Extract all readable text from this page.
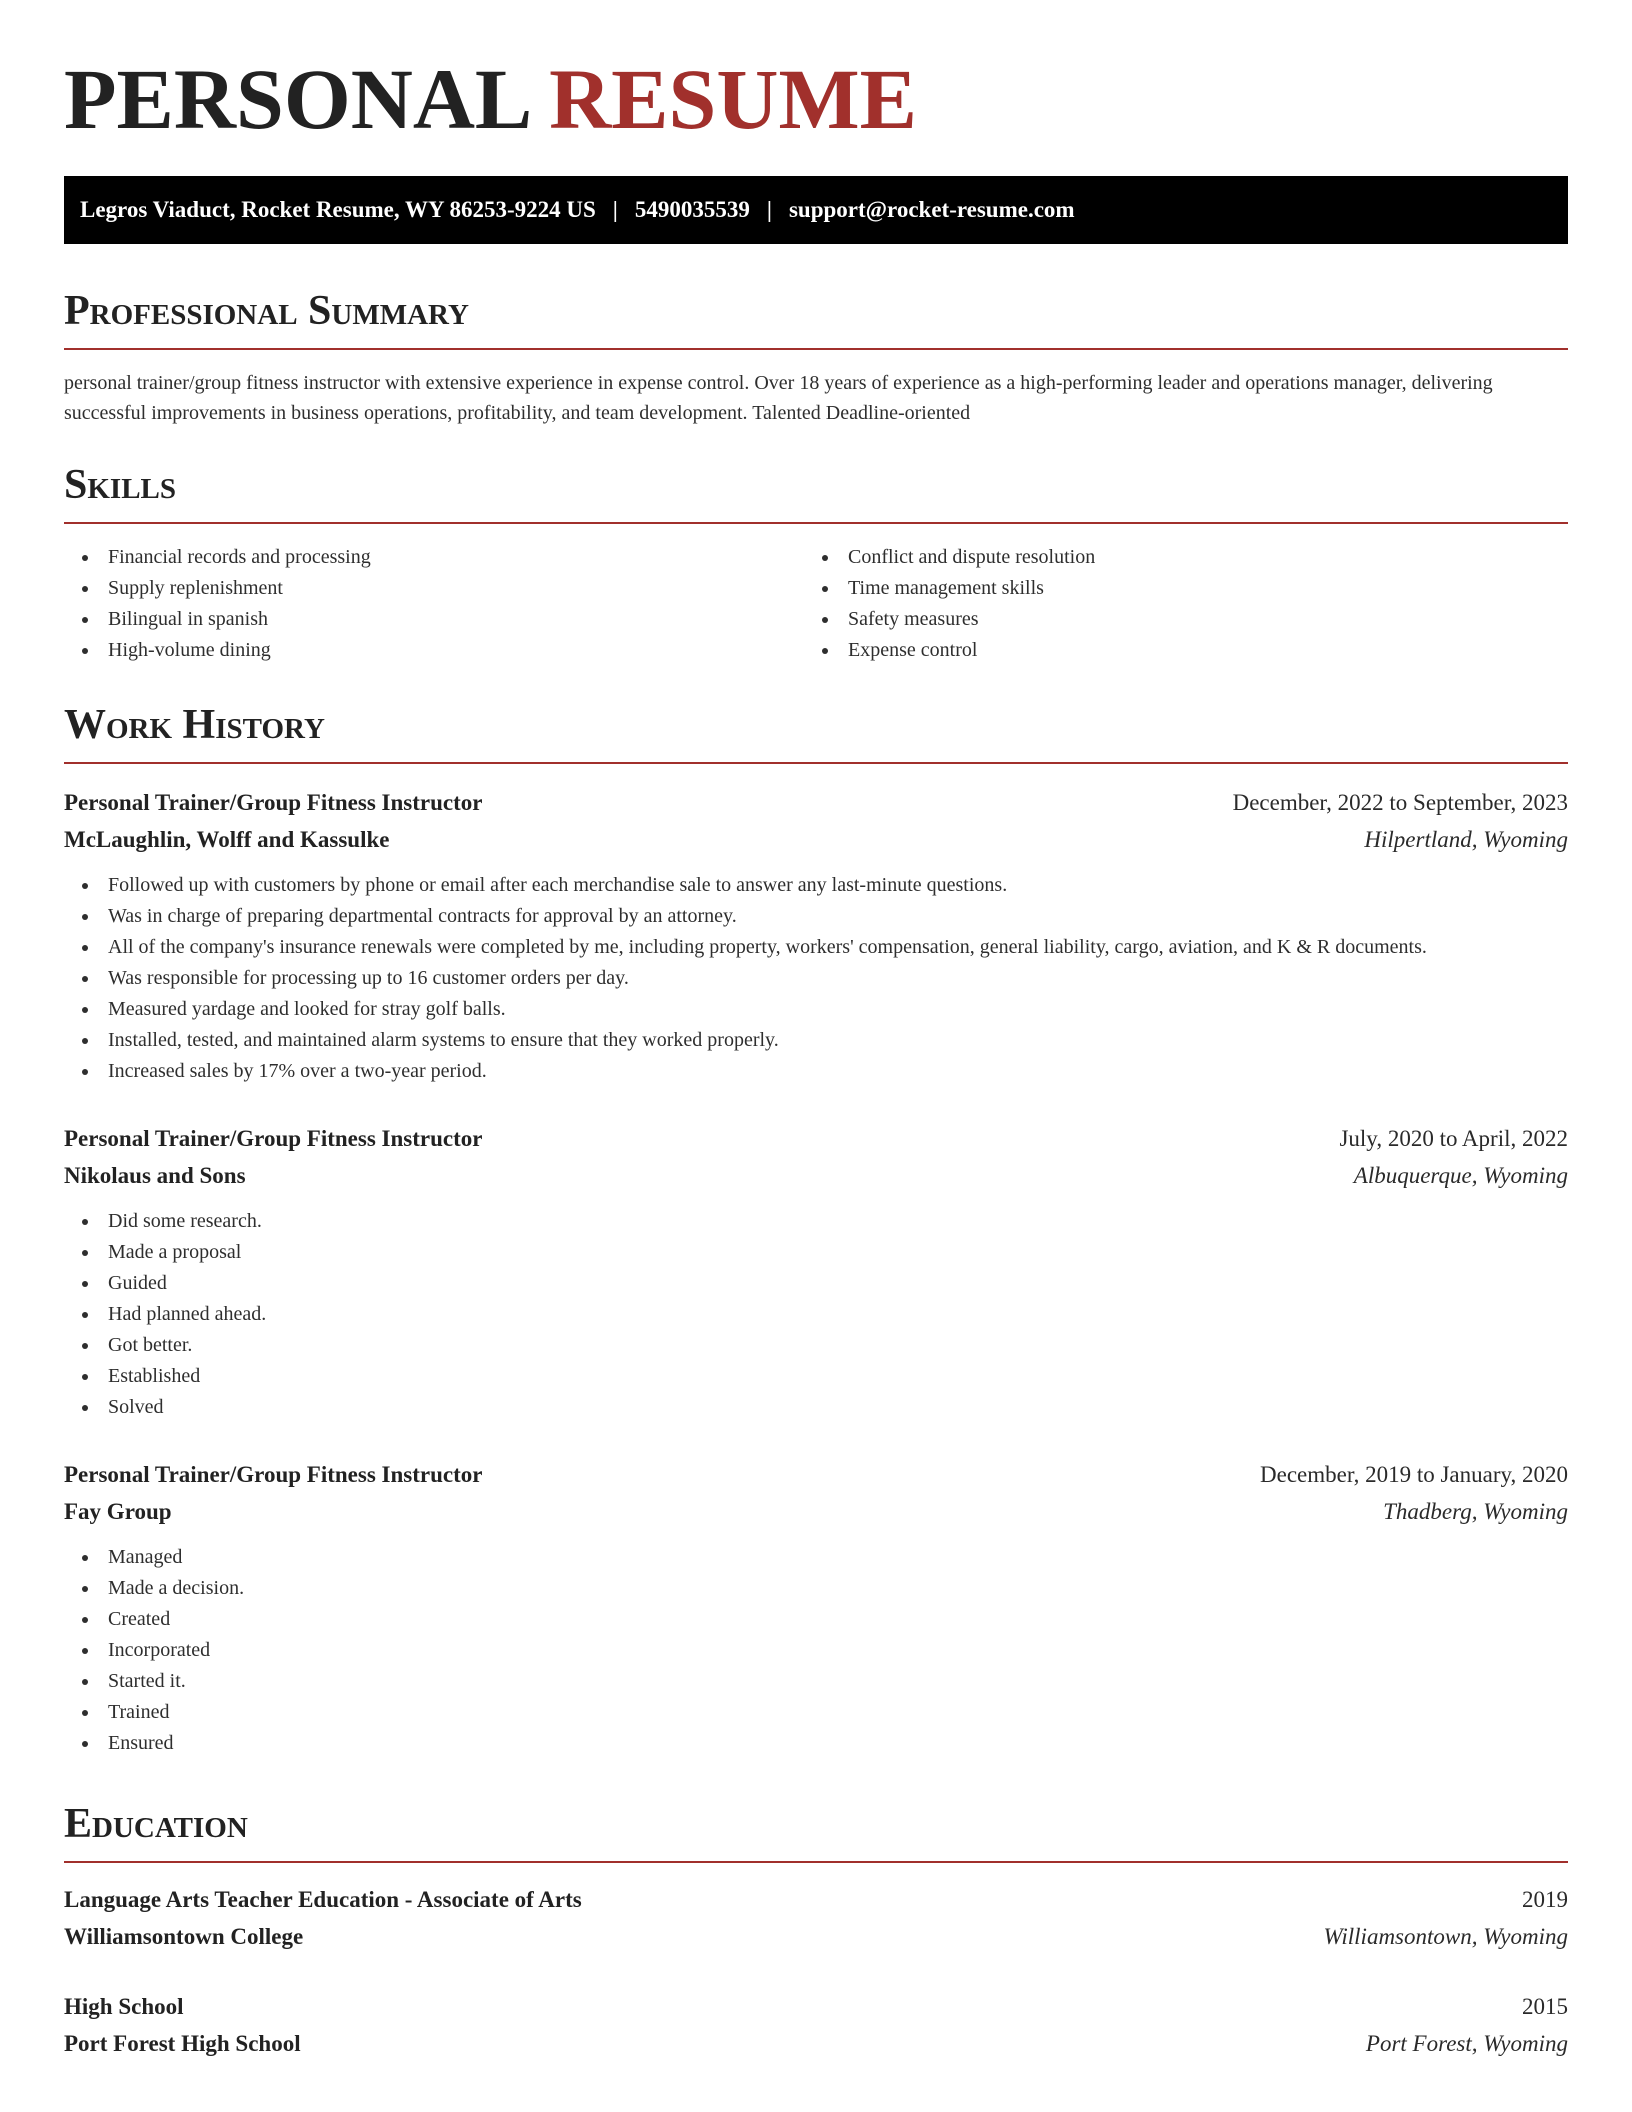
PERSONAL RESUME
Legros Viaduct, Rocket Resume, WY 86253-9224 US | 5490035539 | support@rocket-resume.com
Professional Summary

personal trainer/group fitness instructor with extensive experience in expense control. Over 18 years of experience as a high-performing leader and operations manager, delivering successful improvements in business operations, profitability, and team development. Talented Deadline-oriented

Skills
Financial records and processing
Supply replenishment
Bilingual in spanish
High-volume dining
Conflict and dispute resolution
Time management skills
Safety measures
Expense control
Work History
Personal Trainer/Group Fitness Instructor	December, 2022 to September, 2023
McLaughlin, Wolff and Kassulke	Hilpertland, Wyoming
Followed up with customers by phone or email after each merchandise sale to answer any last-minute questions.
Was in charge of preparing departmental contracts for approval by an attorney.
All of the company's insurance renewals were completed by me, including property, workers' compensation, general liability, cargo, aviation, and K & R documents.
Was responsible for processing up to 16 customer orders per day.
Measured yardage and looked for stray golf balls.
Installed, tested, and maintained alarm systems to ensure that they worked properly.
Increased sales by 17% over a two-year period.
Personal Trainer/Group Fitness Instructor	July, 2020 to April, 2022
Nikolaus and Sons	Albuquerque, Wyoming
Did some research.
Made a proposal
Guided
Had planned ahead.
Got better.
Established
Solved
Personal Trainer/Group Fitness Instructor	December, 2019 to January, 2020
Fay Group	Thadberg, Wyoming
Managed
Made a decision.
Created
Incorporated
Started it.
Trained
Ensured
Education
Language Arts Teacher Education - Associate of Arts	2019
Williamsontown College	Williamsontown, Wyoming
High School	2015
Port Forest High School	Port Forest, Wyoming
